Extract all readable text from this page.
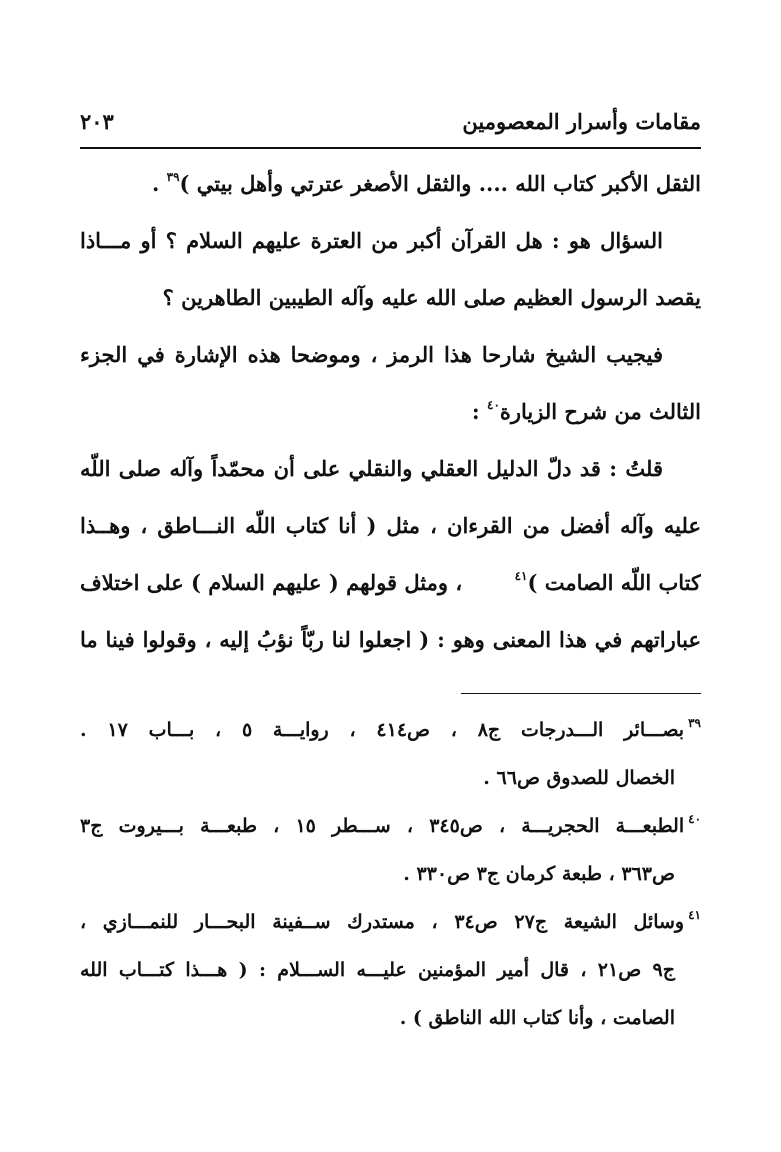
مقامات وأسرار المعصومين
٢٠٣
الثقل الأكبر كتاب الله .... والثقل الأصغر عترتي وأهل بيتي )$^{٣٩}$ .
السؤال هو : هل القرآن أكبر من العترة عليهم السلام ؟ أو مـــاذا
يقصد الرسول العظيم صلى الله عليه وآله الطيبين الطاهرين ؟
فيجيب الشيخ شارحا هذا الرمز ، وموضحا هذه الإشارة في الجزء
الثالث من شرح الزيارة$^{٤٠}$ :
قلتُ : قد دلّ الدليل العقلي والنقلي على أن محمّداً وآله صلى اللّه
عليه وآله أفضل من القرءان ، مثل ( أنا كتاب اللّه النـــاطق ، وهــذا
كتاب اللّه الصامت )$^{٤١}$
، ومثل قولهم ( عليهم السلام ) على اختلاف
عباراتهم في هذا المعنى وهو : ( اجعلوا لنا ربّاً نؤبُ إليه ، وقولوا فينا ما
$^{٣٩}$بصـــائر الـــدرجات ج٨ ، ص٤١٤ ، روايـــة ٥ ، بـــاب ١٧ .
الخصال للصدوق ص٦٦ .
$^{٤٠}$الطبعـــة الحجريـــة ، ص٣٤٥ ، ســـطر ١٥ ، طبعـــة بـــيروت ج٣
ص٣٦٣ ، طبعة كرمان ج٣ ص٣٣٠ .
$^{٤١}$وسائل الشيعة ج٢٧ ص٣٤ ، مستدرك ســفينة البحـــار للنمـــازي ،
ج٩ ص٢١ ، قال أمير المؤمنين عليـــه الســـلام : ( هـــذا كتـــاب الله
الصامت ، وأنا كتاب الله الناطق ) .
